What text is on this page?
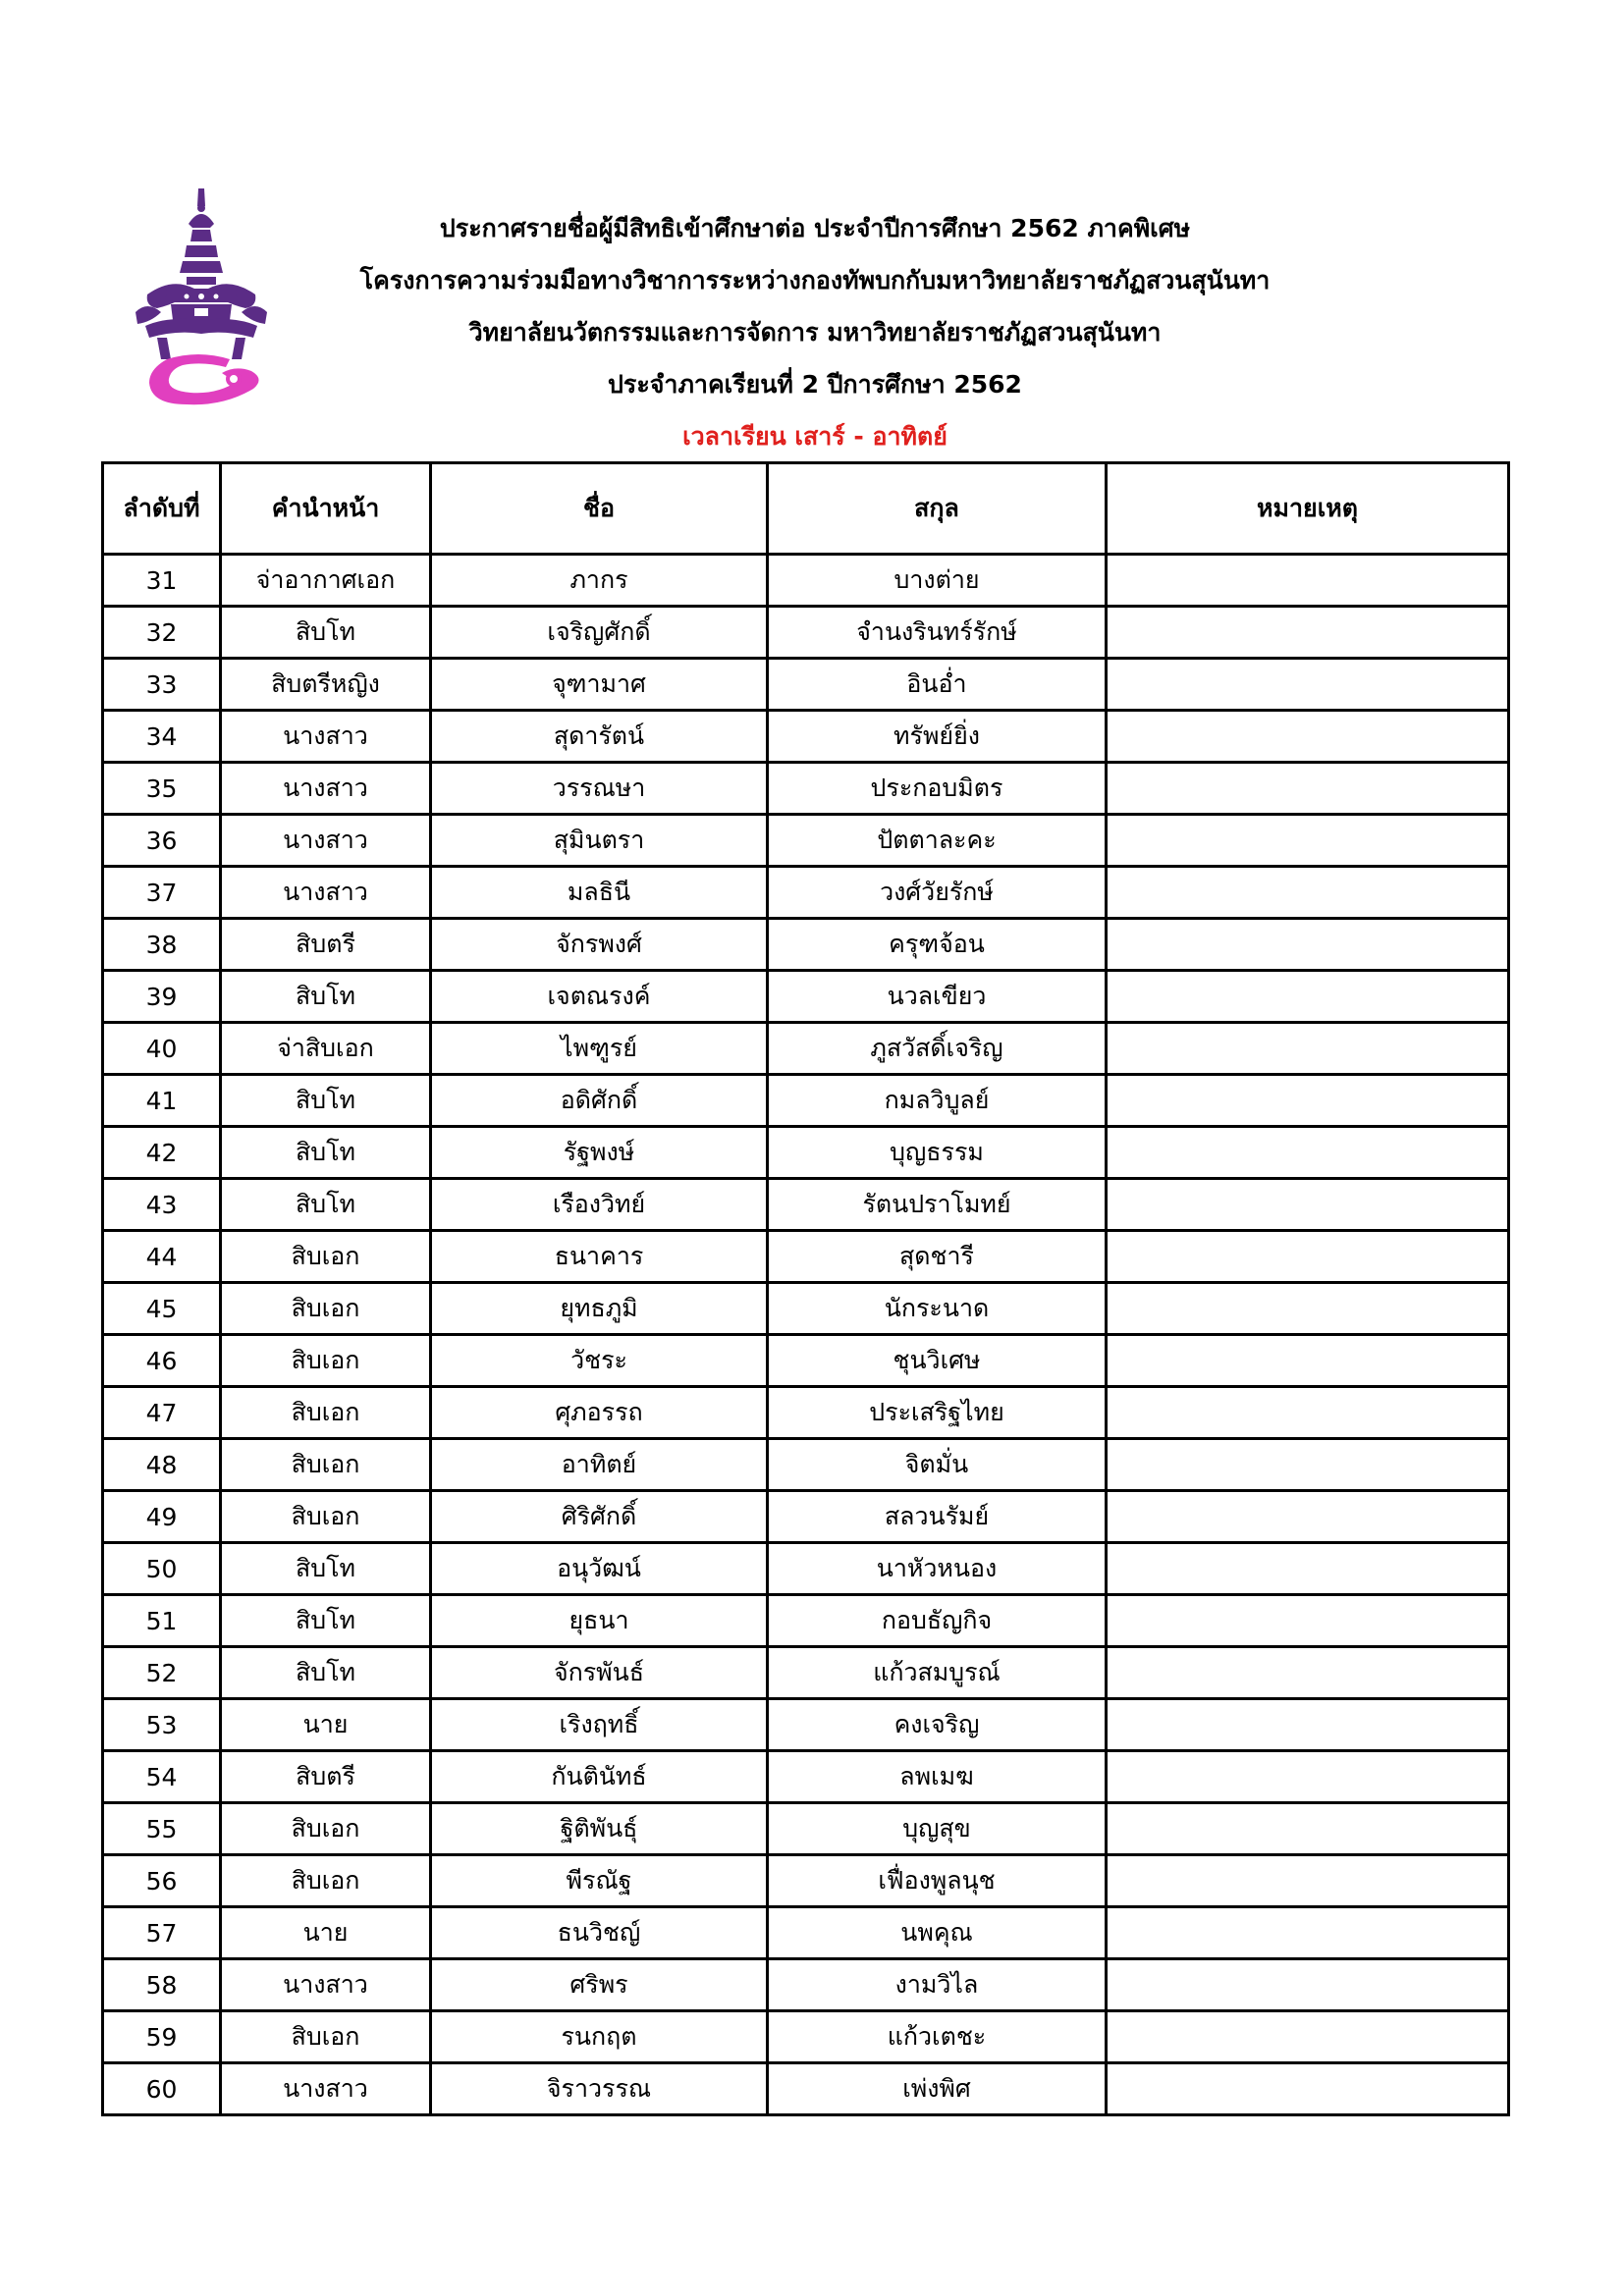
ประกาศรายชื่อผู้มีสิทธิเข้าศึกษาต่อ ประจำปีการศึกษา 2562 ภาคพิเศษ
โครงการความร่วมมือทางวิชาการระหว่างกองทัพบกกับมหาวิทยาลัยราชภัฏสวนสุนันทา
วิทยาลัยนวัตกรรมและการจัดการ มหาวิทยาลัยราชภัฏสวนสุนันทา
ประจำภาคเรียนที่ 2 ปีการศึกษา 2562
เวลาเรียน เสาร์ - อาทิตย์
ลำดับที่	คำนำหน้า	ชื่อ	สกุล	หมายเหตุ
31	จ่าอากาศเอก	ภากร	บางต่าย	
32	สิบโท	เจริญศักดิ์	จำนงรินทร์รักษ์	
33	สิบตรีหญิง	จุฑามาศ	อินอ่ำ	
34	นางสาว	สุดารัตน์	ทรัพย์ยิ่ง	
35	นางสาว	วรรณษา	ประกอบมิตร	
36	นางสาว	สุมินตรา	ปัตตาละคะ	
37	นางสาว	มลธินี	วงศ์วัยรักษ์	
38	สิบตรี	จักรพงศ์	ครุฑจ้อน	
39	สิบโท	เจตณรงค์	นวลเขียว	
40	จ่าสิบเอก	ไพฑูรย์	ภูสวัสดิ์เจริญ	
41	สิบโท	อดิศักดิ์	กมลวิบูลย์	
42	สิบโท	รัฐพงษ์	บุญธรรม	
43	สิบโท	เรืองวิทย์	รัตนปราโมทย์	
44	สิบเอก	ธนาคาร	สุดชารี	
45	สิบเอก	ยุทธภูมิ	นักระนาด	
46	สิบเอก	วัชระ	ชุนวิเศษ	
47	สิบเอก	ศุภอรรถ	ประเสริฐไทย	
48	สิบเอก	อาทิตย์	จิตมั่น	
49	สิบเอก	ศิริศักดิ์	สลวนรัมย์	
50	สิบโท	อนุวัฒน์	นาหัวหนอง	
51	สิบโท	ยุธนา	กอบธัญกิจ	
52	สิบโท	จักรพันธ์	แก้วสมบูรณ์	
53	นาย	เริงฤทธิ์	คงเจริญ	
54	สิบตรี	กันตินัทธ์	ลพเมฆ	
55	สิบเอก	ฐิติพันธุ์	บุญสุข	
56	สิบเอก	พีรณัฐ	เฟื่องพูลนุช	
57	นาย	ธนวิชญ์	นพคุณ	
58	นางสาว	ศริพร	งามวิไล	
59	สิบเอก	รนกฤต	แก้วเตชะ	
60	นางสาว	จิราวรรณ	เพ่งพิศ	
